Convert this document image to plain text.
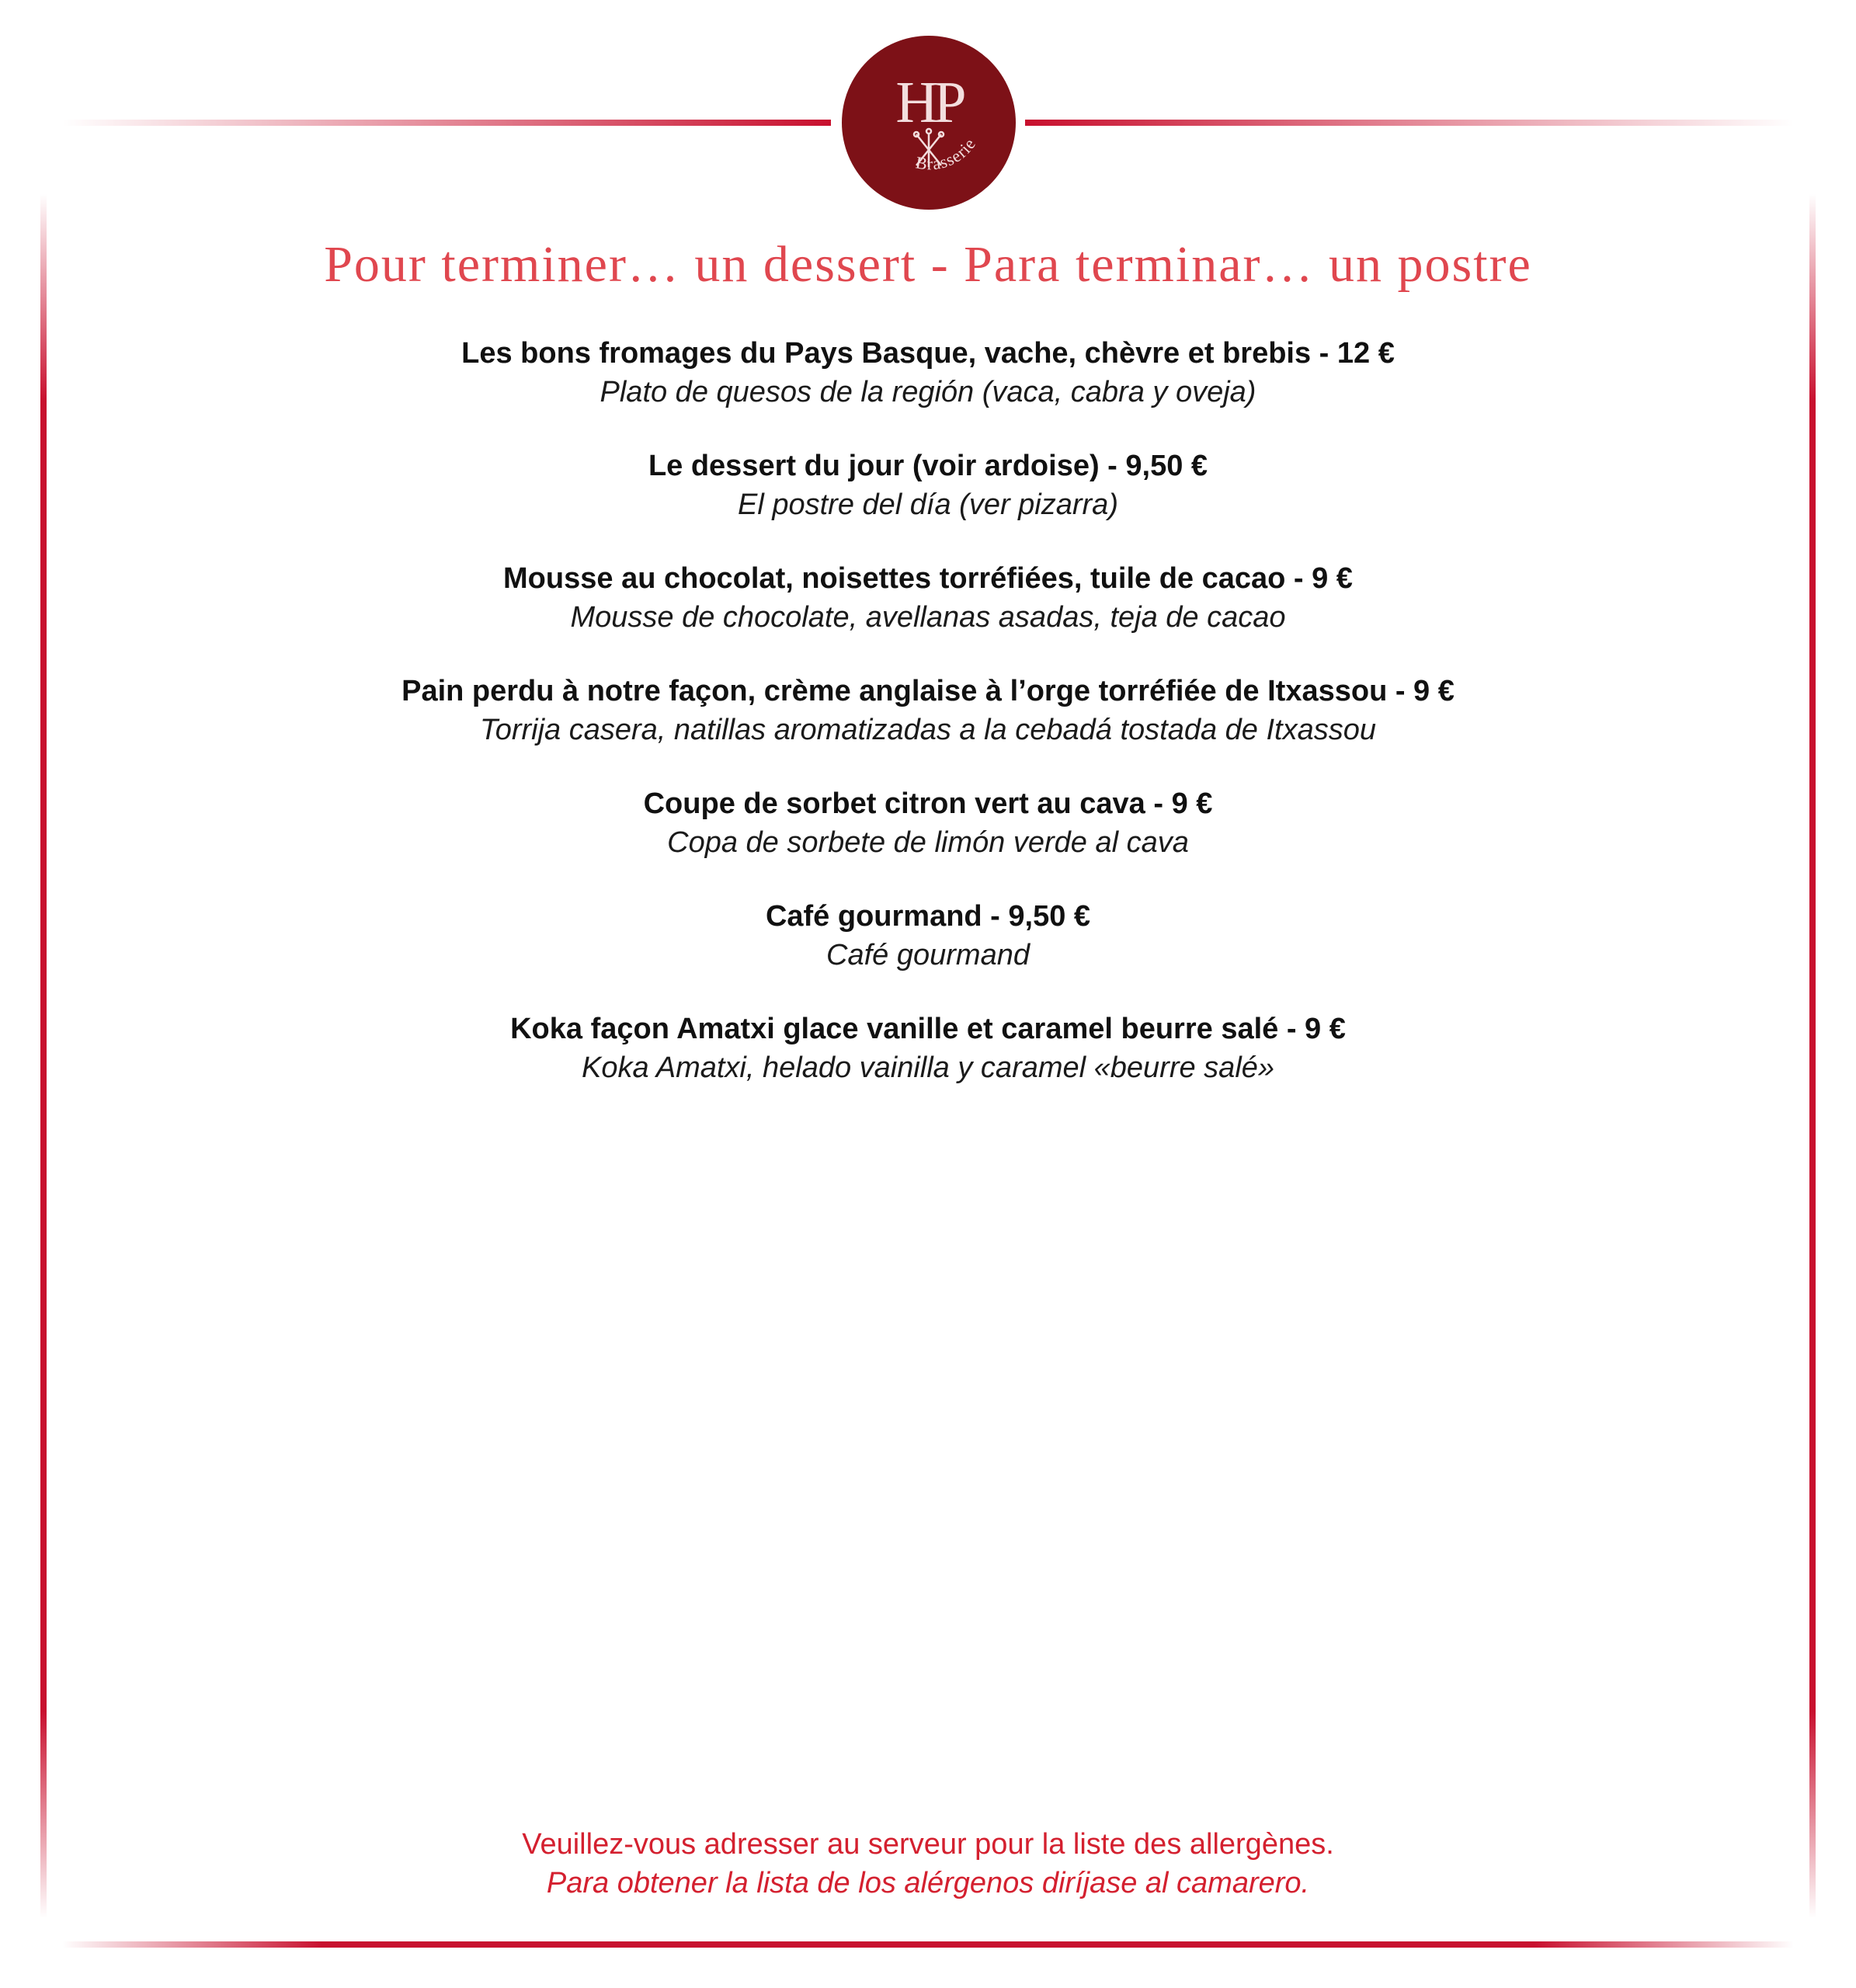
HP
Brasserie
Pour terminer… un dessert - Para terminar… un postre
Les bons fromages du Pays Basque, vache, chèvre et brebis - 12 €
Plato de quesos de la región (vaca, cabra y oveja)
Le dessert du jour (voir ardoise) - 9,50 €
El postre del día (ver pizarra)
Mousse au chocolat, noisettes torréfiées, tuile de cacao - 9 €
Mousse de chocolate, avellanas asadas, teja de cacao
Pain perdu à notre façon, crème anglaise à l’orge torréfiée de Itxassou - 9 €
Torrija casera, natillas aromatizadas a la cebadá tostada de Itxassou
Coupe de sorbet citron vert au cava - 9 €
Copa de sorbete de limón verde al cava
Café gourmand - 9,50 €
Café gourmand
Koka façon Amatxi glace vanille et caramel beurre salé - 9 €
Koka Amatxi, helado vainilla y caramel «beurre salé»
Veuillez-vous adresser au serveur pour la liste des allergènes.
Para obtener la lista de los alérgenos diríjase al camarero.
